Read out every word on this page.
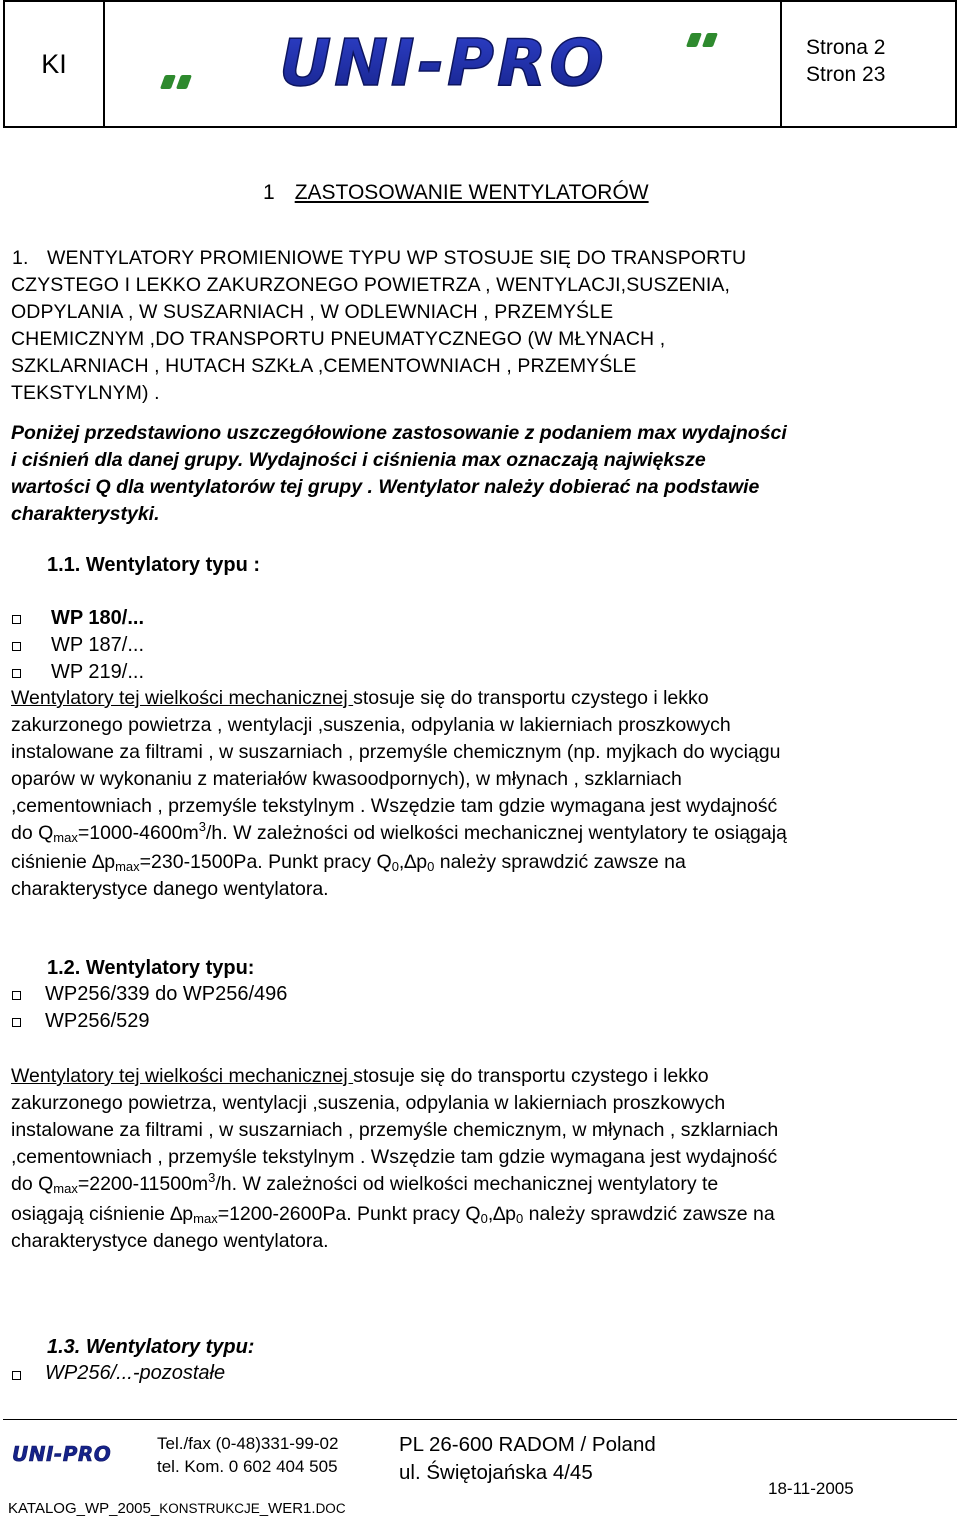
KI	UNI-PRO	Strona 2
Stron 23
1 ZASTOSOWANIE WENTYLATORÓW
1. WENTYLATORY PROMIENIOWE TYPU WP STOSUJE SIĘ DO TRANSPORTU
CZYSTEGO I LEKKO ZAKURZONEGO POWIETRZA , WENTYLACJI,SUSZENIA,
ODPYLANIA , W SUSZARNIACH , W ODLEWNIACH , PRZEMYŚLE
CHEMICZNYM ,DO TRANSPORTU PNEUMATYCZNEGO (W MŁYNACH ,
SZKLARNIACH , HUTACH SZKŁA ,CEMENTOWNIACH , PRZEMYŚLE
TEKSTYLNYM) .
Poniżej przedstawiono uszczegółowione zastosowanie z podaniem max wydajności
i ciśnień dla danej grupy. Wydajności i ciśnienia max oznaczają największe
wartości Q dla wentylatorów tej grupy . Wentylator należy dobierać na podstawie
charakterystyki.
1.1. Wentylatory typu :
WP 180/...
WP 187/...
WP 219/...
Wentylatory tej wielkości mechanicznej stosuje się do transportu czystego i lekko
zakurzonego powietrza , wentylacji ,suszenia, odpylania w lakierniach proszkowych
instalowane za filtrami , w suszarniach , przemyśle chemicznym (np. myjkach do wyciągu
oparów w wykonaniu z materiałów kwasoodpornych), w młynach , szklarniach
,cementowniach , przemyśle tekstylnym . Wszędzie tam gdzie wymagana jest wydajność
do $Q_{max}=1000-4600m^3/h$. W zależności od wielkości mechanicznej wentylatory te osiągają
ciśnienie $\Delta p_{max}=230-1500Pa$. Punkt pracy $Q_0,\Delta p_0$ należy sprawdzić zawsze na
charakterystyce danego wentylatora.
1.2. Wentylatory typu:
WP256/339 do WP256/496
WP256/529
Wentylatory tej wielkości mechanicznej stosuje się do transportu czystego i lekko
zakurzonego powietrza, wentylacji ,suszenia, odpylania w lakierniach proszkowych
instalowane za filtrami , w suszarniach , przemyśle chemicznym, w młynach , szklarniach
,cementowniach , przemyśle tekstylnym . Wszędzie tam gdzie wymagana jest wydajność
do $Q_{max}=2200-11500m^3/h$. W zależności od wielkości mechanicznej wentylatory te
osiągają ciśnienie $\Delta p_{max}=1200-2600Pa$. Punkt pracy $Q_0,\Delta p_0$ należy sprawdzić zawsze na
charakterystyce danego wentylatora.
1.3. Wentylatory typu:
WP256/...-pozostałe
UNI-PRO	Tel./fax (0-48)331-99-02
tel. Kom. 0 602 404 505
PL 26-600 RADOM / Poland
ul. Świętojańska 4/45
18-11-2005
KATALOG_WP_2005_KONSTRUKCJE_WER1.DOC
